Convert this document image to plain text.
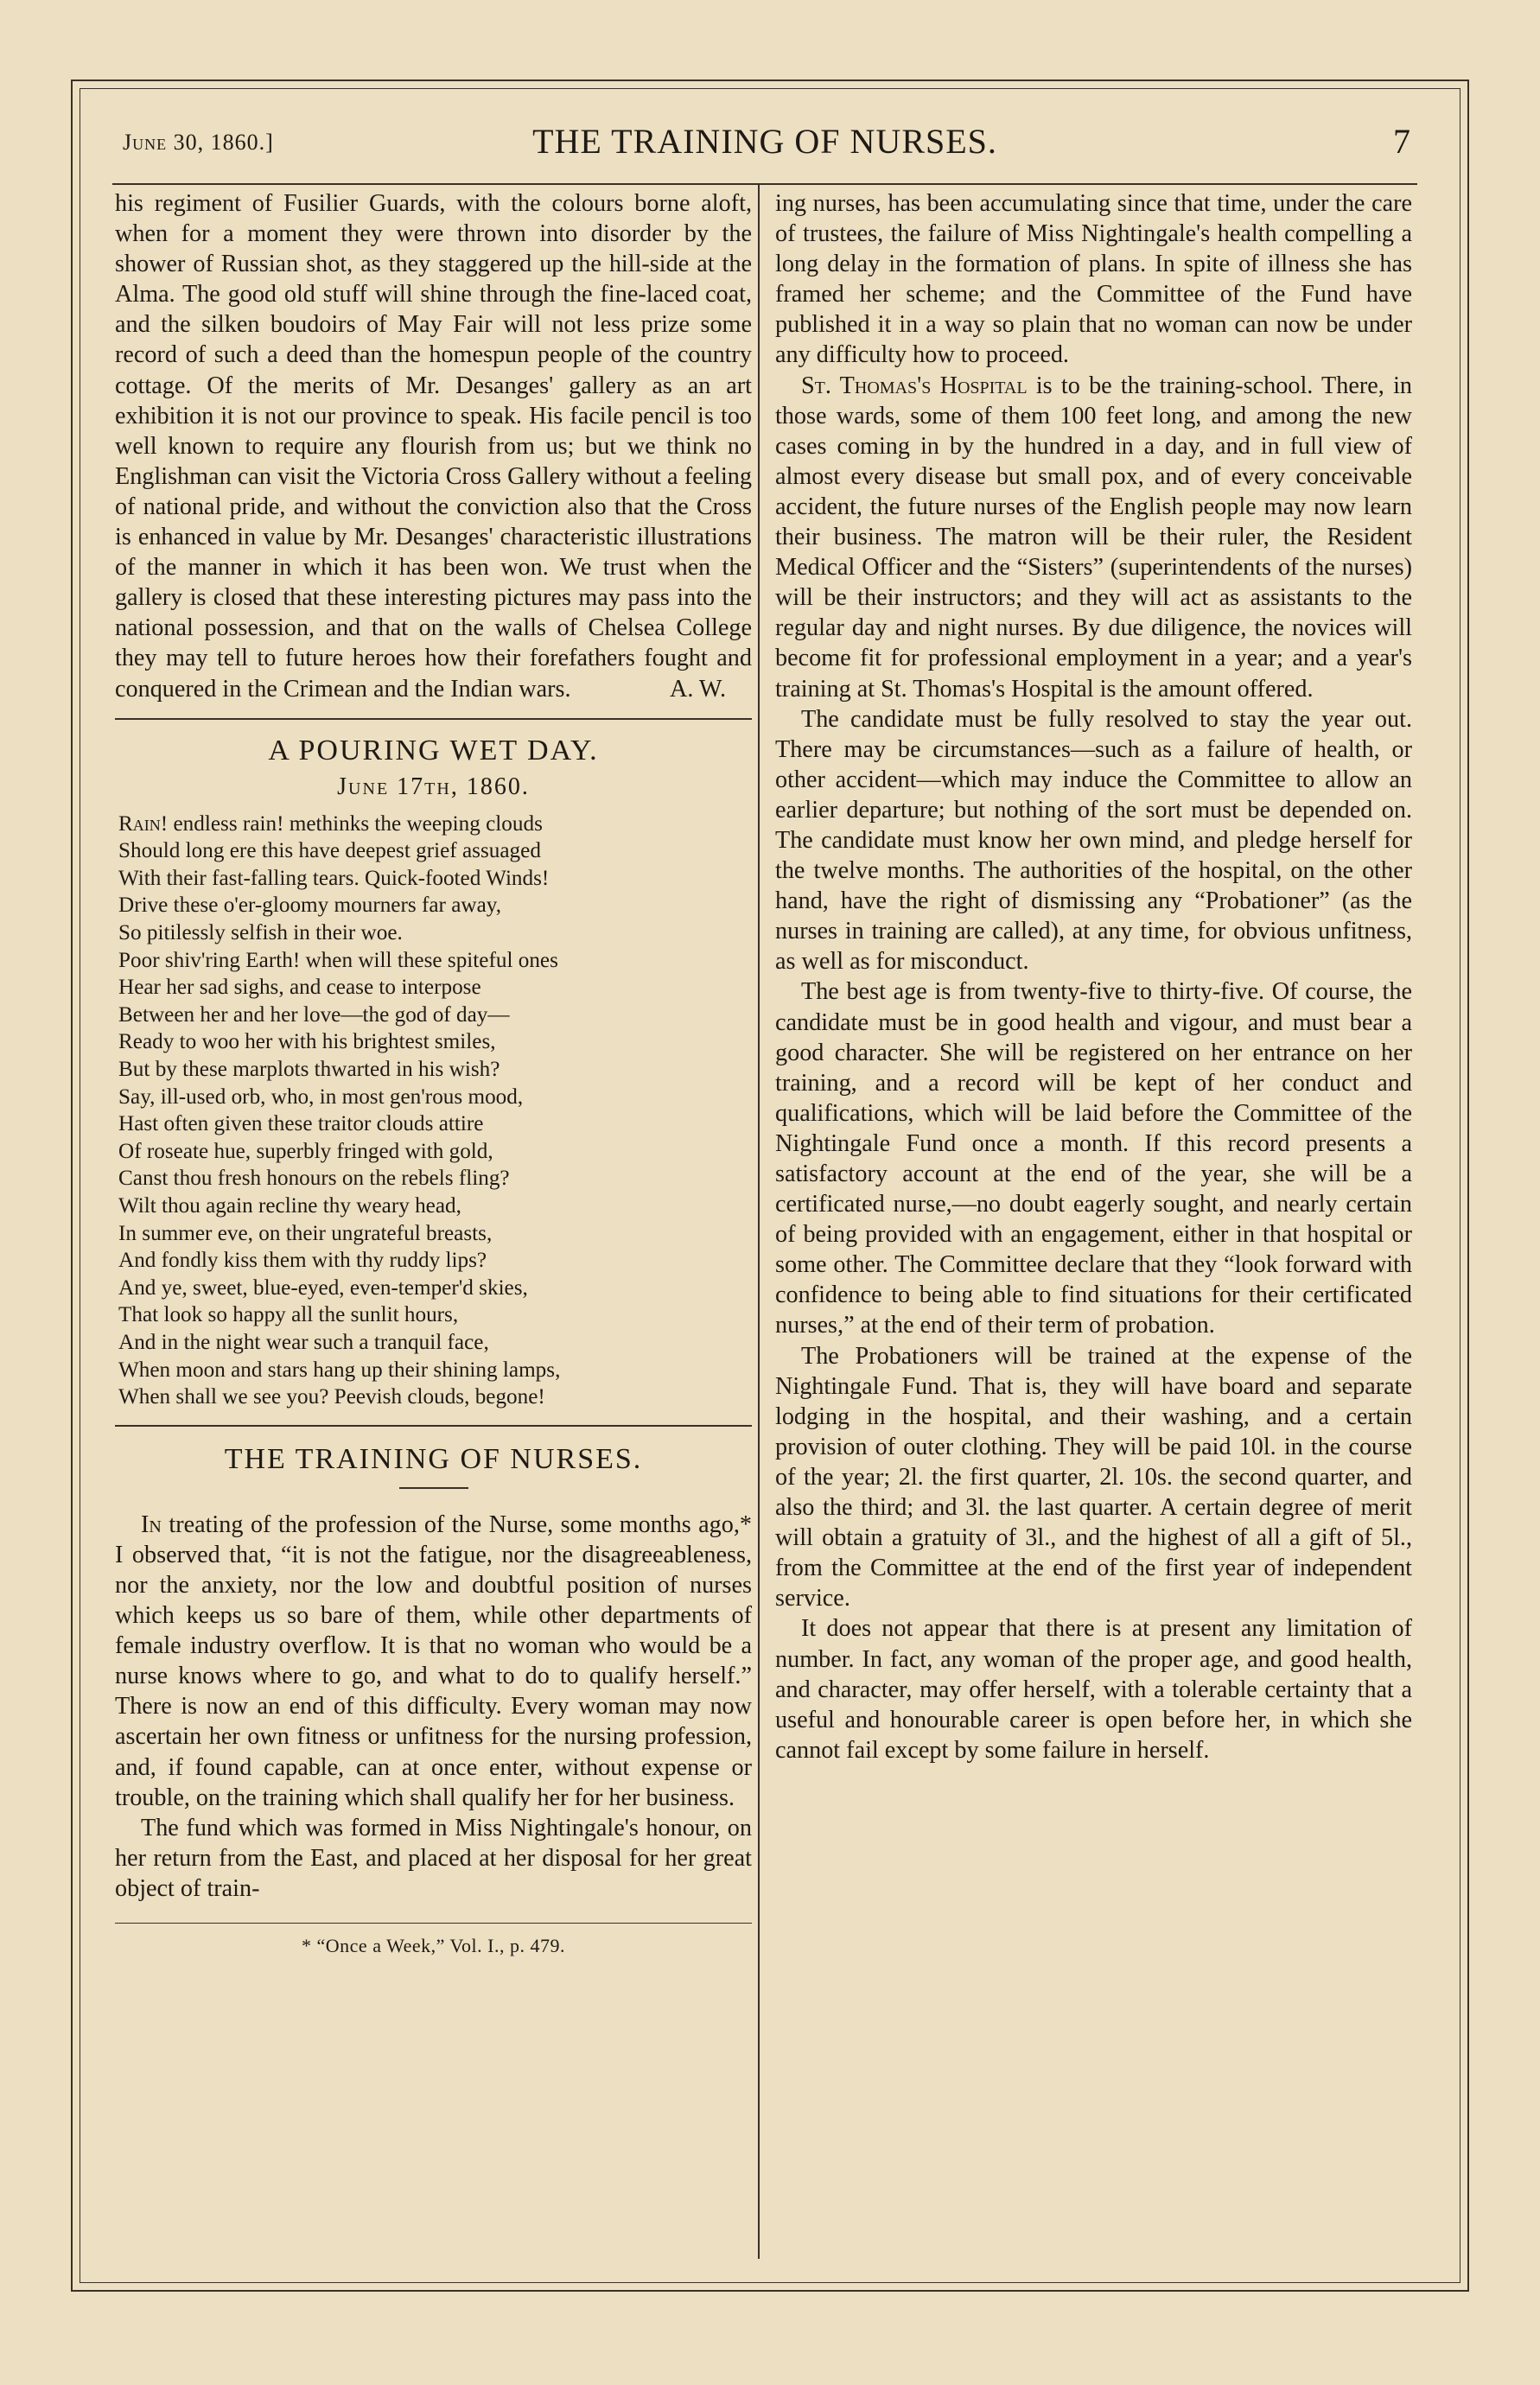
June 30, 1860.]	THE TRAINING OF NURSES.	7

his regiment of Fusilier Guards, with the colours borne aloft, when for a moment they were thrown into disorder by the shower of Russian shot, as they staggered up the hill-side at the Alma. The good old stuff will shine through the fine-laced coat, and the silken boudoirs of May Fair will not less prize some record of such a deed than the homespun people of the country cottage. Of the merits of Mr. Desanges' gallery as an art exhibition it is not our province to speak. His facile pencil is too well known to require any flourish from us; but we think no Englishman can visit the Victoria Cross Gallery without a feeling of national pride, and without the conviction also that the Cross is enhanced in value by Mr. Desanges' characteristic illustrations of the manner in which it has been won. We trust when the gallery is closed that these interesting pictures may pass into the national possession, and that on the walls of Chelsea College they may tell to future heroes how their forefathers fought and conquered in the Crimean and the Indian wars.	A. W.

A POURING WET DAY.
June 17th, 1860.
Rain! endless rain! methinks the weeping clouds
Should long ere this have deepest grief assuaged
With their fast-falling tears. Quick-footed Winds!
Drive these o'er-gloomy mourners far away,
So pitilessly selfish in their woe.
Poor shiv'ring Earth! when will these spiteful ones
Hear her sad sighs, and cease to interpose
Between her and her love—the god of day—
Ready to woo her with his brightest smiles,
But by these marplots thwarted in his wish?
Say, ill-used orb, who, in most gen'rous mood,
Hast often given these traitor clouds attire
Of roseate hue, superbly fringed with gold,
Canst thou fresh honours on the rebels fling?
Wilt thou again recline thy weary head,
In summer eve, on their ungrateful breasts,
And fondly kiss them with thy ruddy lips?
And ye, sweet, blue-eyed, even-temper'd skies,
That look so happy all the sunlit hours,
And in the night wear such a tranquil face,
When moon and stars hang up their shining lamps,
When shall we see you? Peevish clouds, begone!
THE TRAINING OF NURSES.

In treating of the profession of the Nurse, some months ago,* I observed that, “it is not the fatigue, nor the disagreeableness, nor the anxiety, nor the low and doubtful position of nurses which keeps us so bare of them, while other departments of female industry overflow. It is that no woman who would be a nurse knows where to go, and what to do to qualify herself.” There is now an end of this difficulty. Every woman may now ascertain her own fitness or unfitness for the nursing profession, and, if found capable, can at once enter, without expense or trouble, on the training which shall qualify her for her business.

The fund which was formed in Miss Nightingale's honour, on her return from the East, and placed at her disposal for her great object of train-

* “Once a Week,” Vol. I., p. 479.

ing nurses, has been accumulating since that time, under the care of trustees, the failure of Miss Nightingale's health compelling a long delay in the formation of plans. In spite of illness she has framed her scheme; and the Committee of the Fund have published it in a way so plain that no woman can now be under any difficulty how to proceed.

St. Thomas's Hospital is to be the training-school. There, in those wards, some of them 100 feet long, and among the new cases coming in by the hundred in a day, and in full view of almost every disease but small pox, and of every conceivable accident, the future nurses of the English people may now learn their business. The matron will be their ruler, the Resident Medical Officer and the “Sisters” (superintendents of the nurses) will be their instructors; and they will act as assistants to the regular day and night nurses. By due diligence, the novices will become fit for professional employment in a year; and a year's training at St. Thomas's Hospital is the amount offered.

The candidate must be fully resolved to stay the year out. There may be circumstances—such as a failure of health, or other accident—which may induce the Committee to allow an earlier departure; but nothing of the sort must be depended on. The candidate must know her own mind, and pledge herself for the twelve months. The authorities of the hospital, on the other hand, have the right of dismissing any “Probationer” (as the nurses in training are called), at any time, for obvious unfitness, as well as for misconduct.

The best age is from twenty-five to thirty-five. Of course, the candidate must be in good health and vigour, and must bear a good character. She will be registered on her entrance on her training, and a record will be kept of her conduct and qualifications, which will be laid before the Committee of the Nightingale Fund once a month. If this record presents a satisfactory account at the end of the year, she will be a certificated nurse,—no doubt eagerly sought, and nearly certain of being provided with an engagement, either in that hospital or some other. The Committee declare that they “look forward with confidence to being able to find situations for their certificated nurses,” at the end of their term of probation.

The Probationers will be trained at the expense of the Nightingale Fund. That is, they will have board and separate lodging in the hospital, and their washing, and a certain provision of outer clothing. They will be paid 10l. in the course of the year; 2l. the first quarter, 2l. 10s. the second quarter, and also the third; and 3l. the last quarter. A certain degree of merit will obtain a gratuity of 3l., and the highest of all a gift of 5l., from the Committee at the end of the first year of independent service.

It does not appear that there is at present any limitation of number. In fact, any woman of the proper age, and good health, and character, may offer herself, with a tolerable certainty that a useful and honourable career is open before her, in which she cannot fail except by some failure in herself.
